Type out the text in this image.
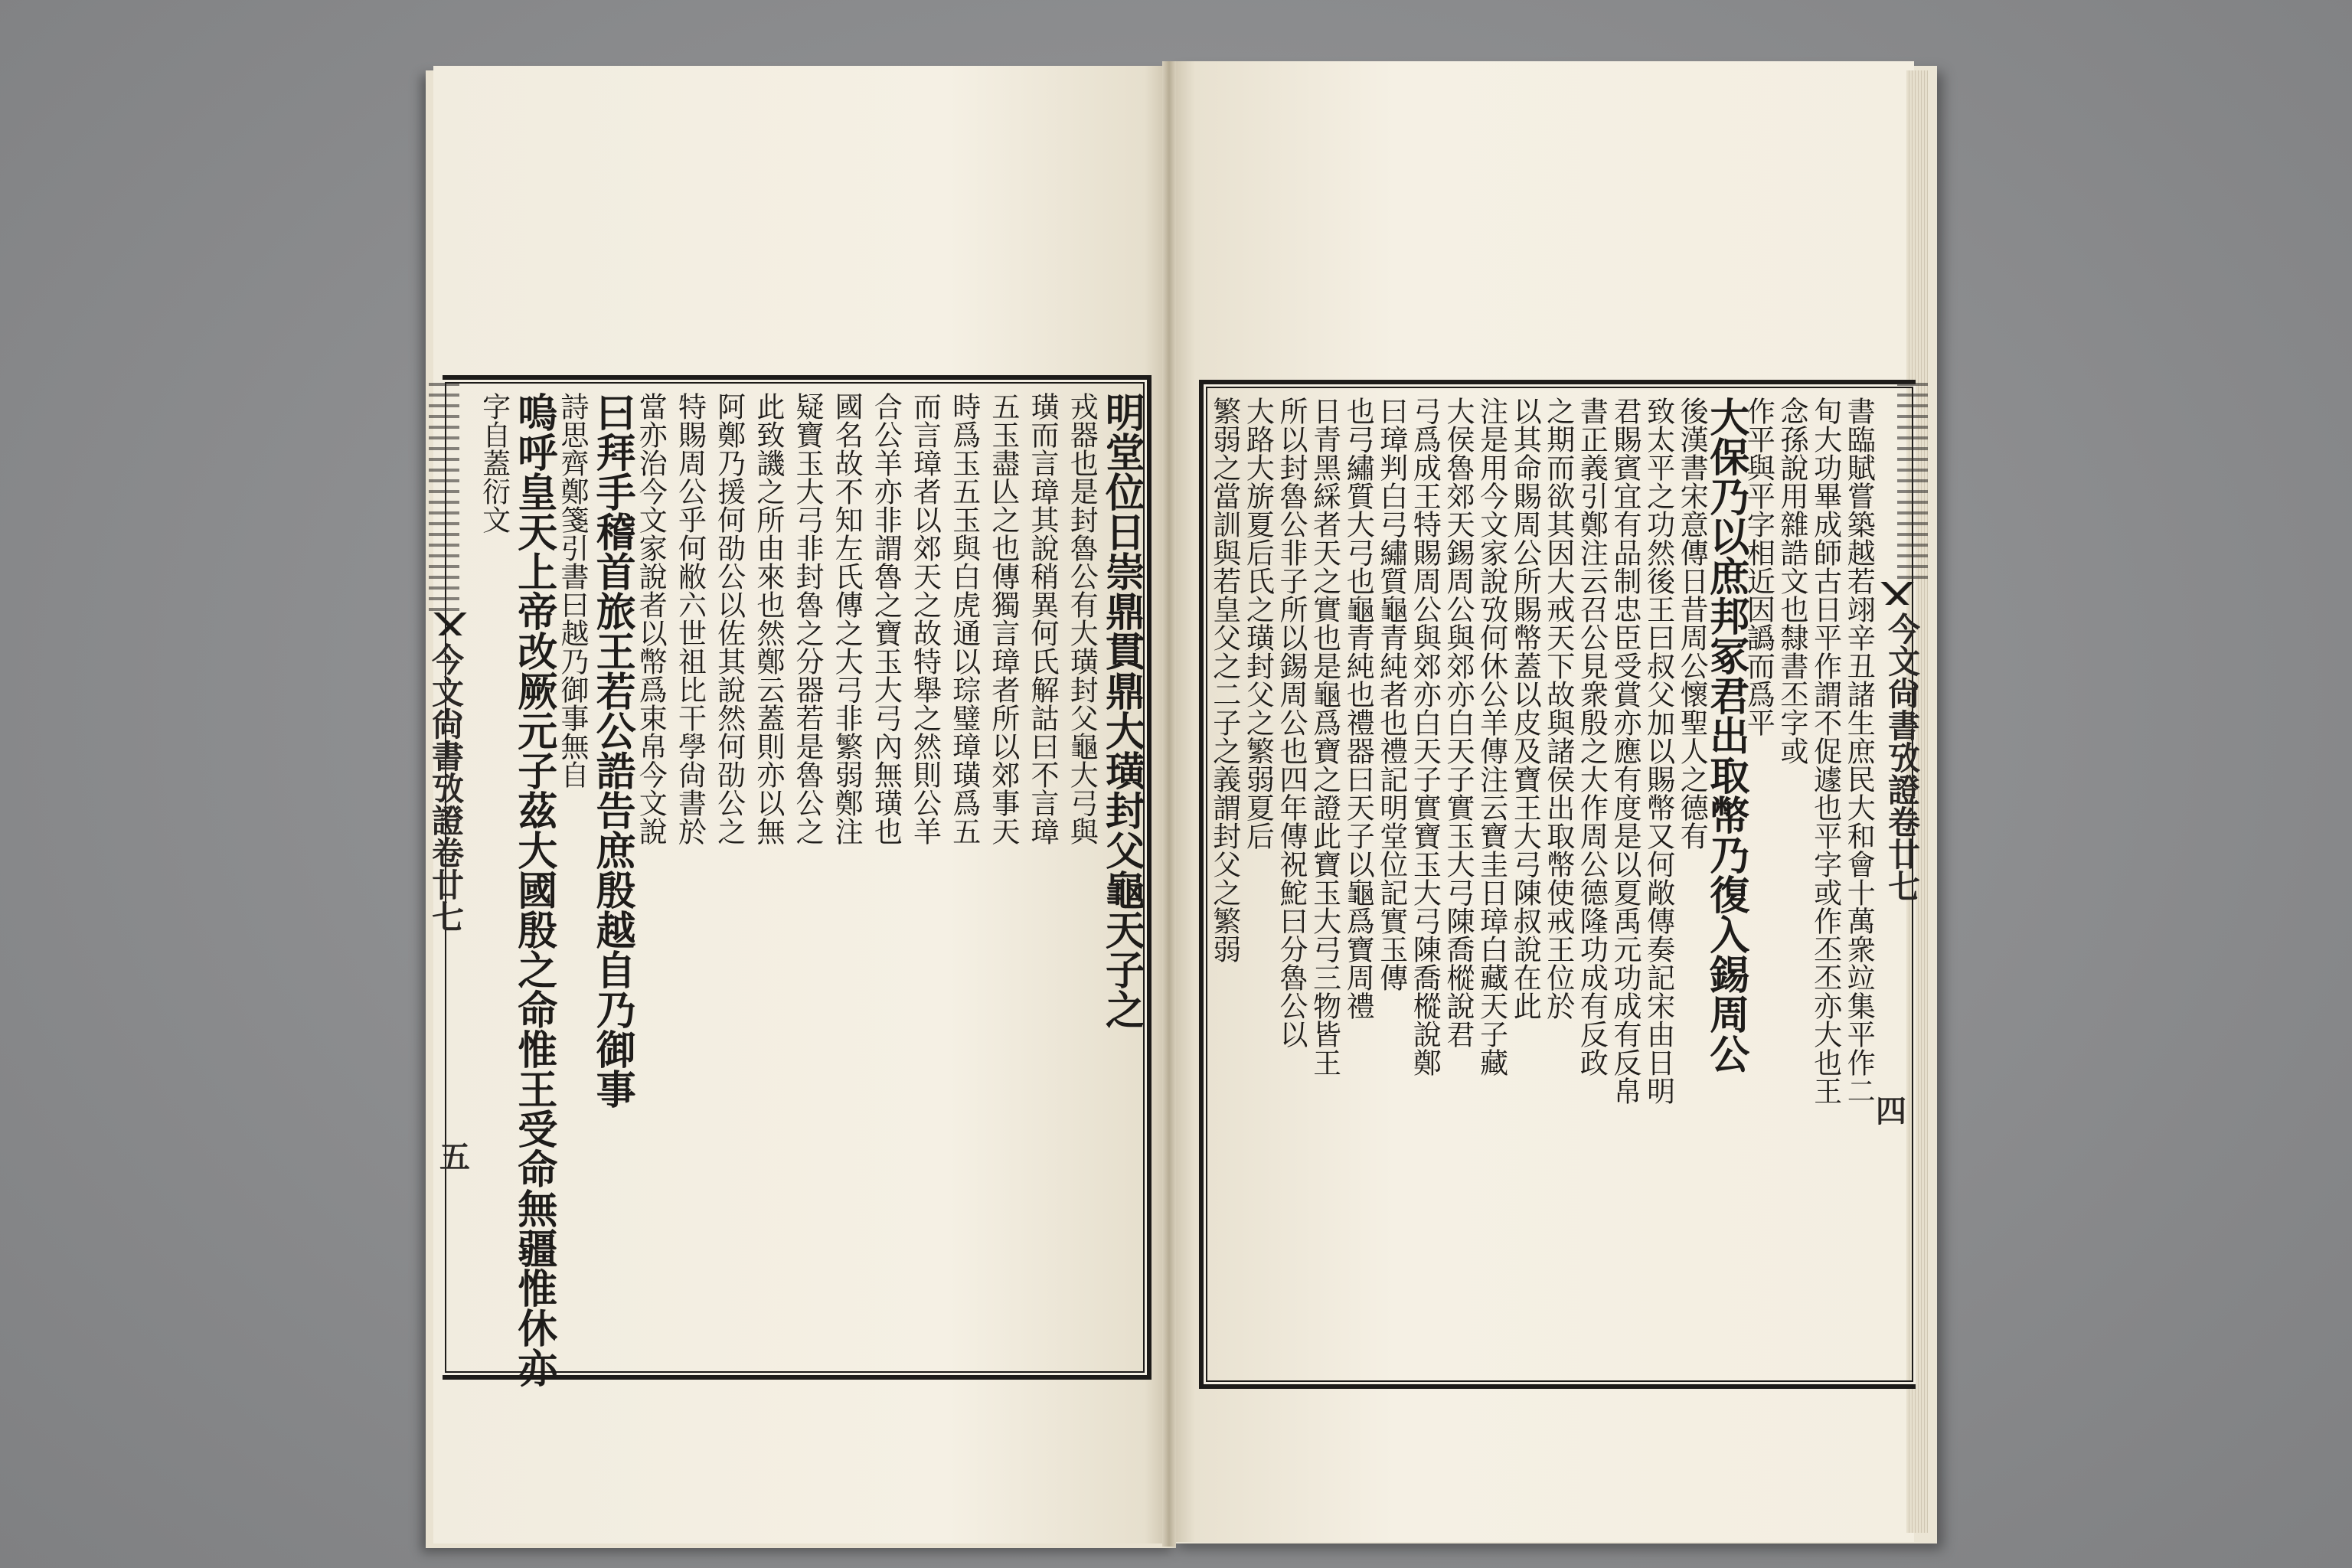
今文尙書攷證卷廿七	今文尙書攷證卷廿七
五
四
明堂位日崇鼎貫鼎大璜封父龜天子之
戎器也是封魯公有大璜封父龜大弓與
璜而言璋其說稍異何氏解詁曰不言璋
五玉盡亾之也傳獨言璋者所以郊事天
時爲玉五玉與白虎通以琮璧璋璜爲五
而言璋者以郊天之故特舉之然則公羊
合公羊亦非謂魯之寶玉大弓內無璜也
國名故不知左氏傳之大弓非繁弱鄭注
疑寶玉大弓非封魯之分器若是魯公之
此致譏之所由來也然鄭云蓋則亦以無
阿鄭乃援何劭公以佐其說然何劭公之
特賜周公乎何敝六世祖比干學尙書於
當亦治今文家說者以幣爲束帛今文說
曰拜手稽首旅王若公誥告庶殷越自乃御事
詩思齊鄭箋引書曰越乃御事無自
嗚呼皇天上帝改厥元子茲大國殷之命惟王受命無疆惟休亦
字自蓋衍文	書臨賦嘗築越若翊辛丑諸生庶民大和會十萬衆竝集平作二
旬大功畢成師古日平作謂不促遽也平字或作丕丕亦大也王
念孫說用雜誥文也隸書丕字或
作平與平字相近因譌而爲平
大保乃以庶邦冢君出取幣乃復入錫周公
後漢書宋意傳日昔周公懷聖人之德有
致太平之功然後王曰叔父加以賜幣又何敞傳奏記宋由日明
君賜賓宜有品制忠臣受賞亦應有度是以夏禹元功成有反帛
書正義引鄭注云召公見衆殷之大作周公德隆功成有反政
之期而欲其因大戒天下故與諸侯出取幣使戒王位於
以其命賜周公所賜幣蓋以皮及寶王大弓陳叔說在此
注是用今文家說攷何休公羊傳注云寶圭日璋白藏天子藏
大侯魯郊天錫周公與郊亦白天子實玉大弓陳喬樅說君
弓爲成王特賜周公與郊亦白天子實寶玉大弓陳喬樅說鄭
曰璋判白弓繡質龜青純者也禮記明堂位記實玉傳
也弓繡質大弓也龜青純也禮器曰天子以龜爲寶周禮
日青黑綵者天之實也是龜爲寶之證此寶玉大弓三物皆王
所以封魯公非子所以錫周公也四年傳祝鮀曰分魯公以
大路大旂夏后氏之璜封父之繁弱夏后
繁弱之當訓與若皇父之二子之義謂封父之繁弱
